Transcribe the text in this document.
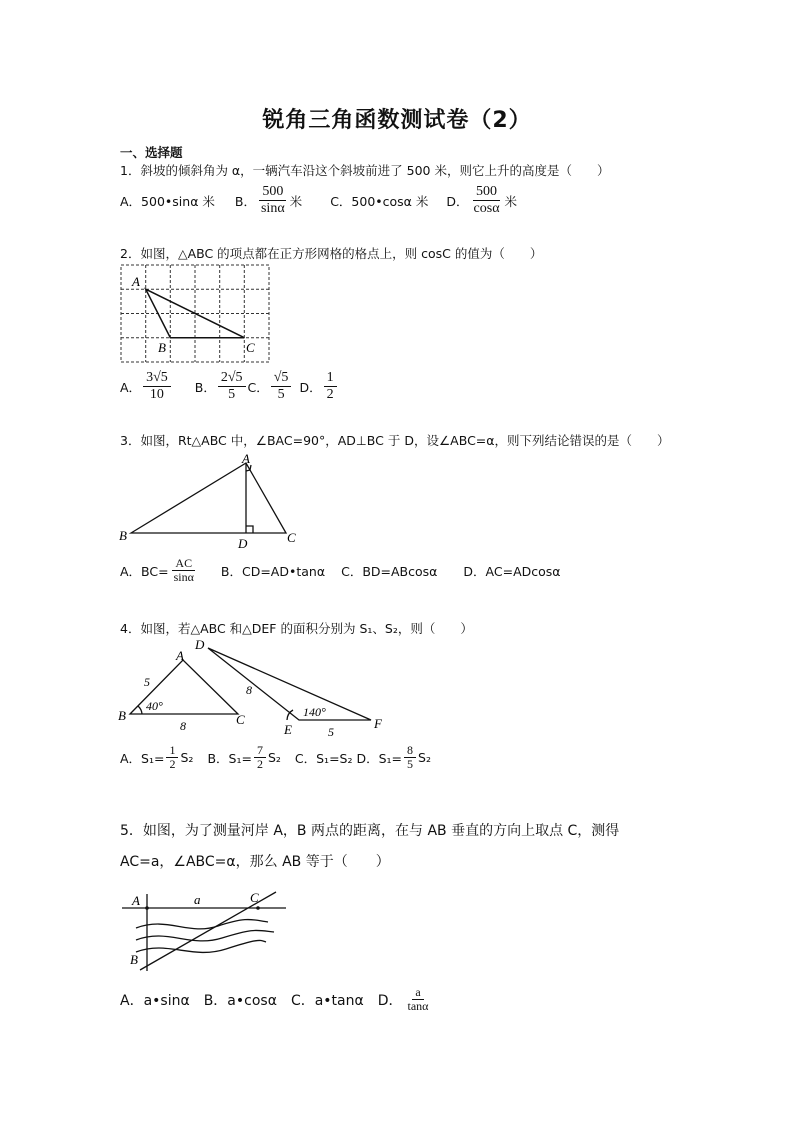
锐角三角函数测试卷（2）
一、选择题
1．斜坡的倾斜角为 α，一辆汽车沿这个斜坡前进了 500 米，则它上升的高度是（　　）
A．500•sinα 米 B． $\frac{500}{\sin\alpha}$ 米 C．500•cosα 米 D． $\frac{500}{\cos\alpha}$ 米
2．如图，△ABC 的项点都在正方形网格的格点上，则 cosC 的值为（　　）
A
B	C
A． $\frac{3√5}{10}$ B． $\frac{2√5}{5}$ C． $\frac{√5}{5}$ D． $\frac{1}{2}$
3．如图，Rt△ABC 中，∠BAC=90°，AD⊥BC 于 D，设∠ABC=α，则下列结论错误的是（　　）
A
B	C
D
A．$BC= \frac{AC}{\sin\alpha}$ B．CD=AD•tanα C．BD=ABcosα D．AC=ADcosα
4．如图，若△ABC 和△DEF 的面积分别为 S₁、S₂，则（　　）
A
B	C
5
8
40°
D
E	F
8
5
140°
A．$S_1= \frac{1}{2} S_2$ B．$S_1= \frac{7}{2} S_2$ C．S₁=S₂ D．$S_1= \frac{8}{5} S_2$
5．如图，为了测量河岸 A，B 两点的距离，在与 AB 垂直的方向上取点 C，测得
AC=a，∠ABC=α，那么 AB 等于（　　）
A	C
a
B
A．a•sinα B．a•cosα C．a•tanα D． $\frac{a}{\tan\alpha}$
